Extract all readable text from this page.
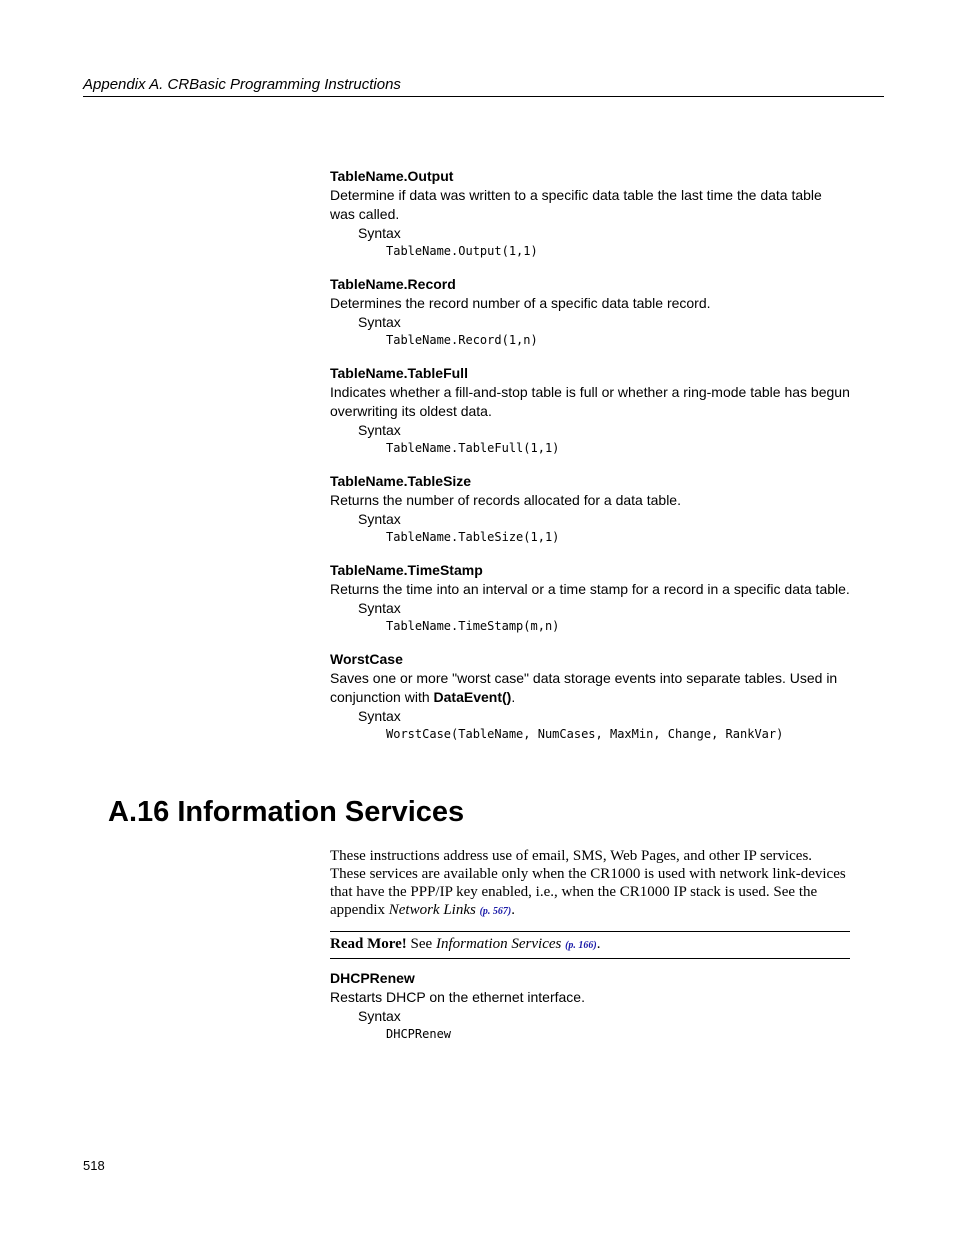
Appendix A. CRBasic Programming Instructions
TableName.Output
Determine if data was written to a specific data table the last time the data table was called.
Syntax
TableName.Output(1,1)
TableName.Record
Determines the record number of a specific data table record.
Syntax
TableName.Record(1,n)
TableName.TableFull
Indicates whether a fill-and-stop table is full or whether a ring-mode table has begun overwriting its oldest data.
Syntax
TableName.TableFull(1,1)
TableName.TableSize
Returns the number of records allocated for a data table.
Syntax
TableName.TableSize(1,1)
TableName.TimeStamp
Returns the time into an interval or a time stamp for a record in a specific data table.
Syntax
TableName.TimeStamp(m,n)
WorstCase
Saves one or more "worst case" data storage events into separate tables. Used in conjunction with DataEvent().
Syntax
WorstCase(TableName, NumCases, MaxMin, Change, RankVar)
A.16 Information Services
These instructions address use of email, SMS, Web Pages, and other IP services. These services are available only when the CR1000 is used with network link-devices that have the PPP/IP key enabled, i.e., when the CR1000 IP stack is used. See the appendix Network Links (p. 567).
Read More! See Information Services (p. 166).
DHCPRenew
Restarts DHCP on the ethernet interface.
Syntax
DHCPRenew
518
